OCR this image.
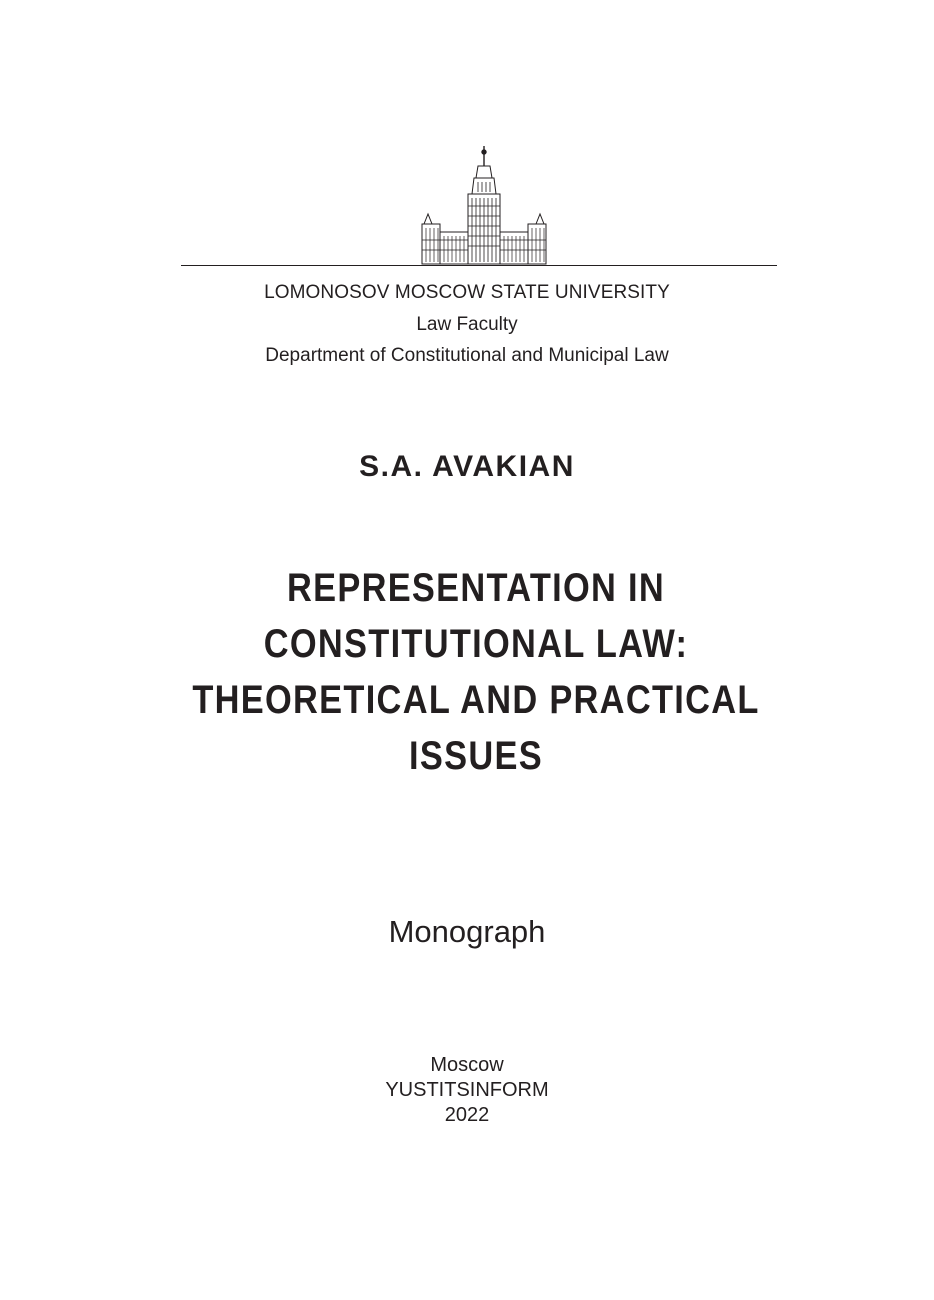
LOMONOSOV MOSCOW STATE UNIVERSITY
Law Faculty
Department of Constitutional and Municipal Law
S.A. AVAKIAN
REPRESENTATION IN
CONSTITUTIONAL LAW:
THEORETICAL AND PRACTICAL
ISSUES
Monograph
Moscow
YUSTITSINFORM
2022
